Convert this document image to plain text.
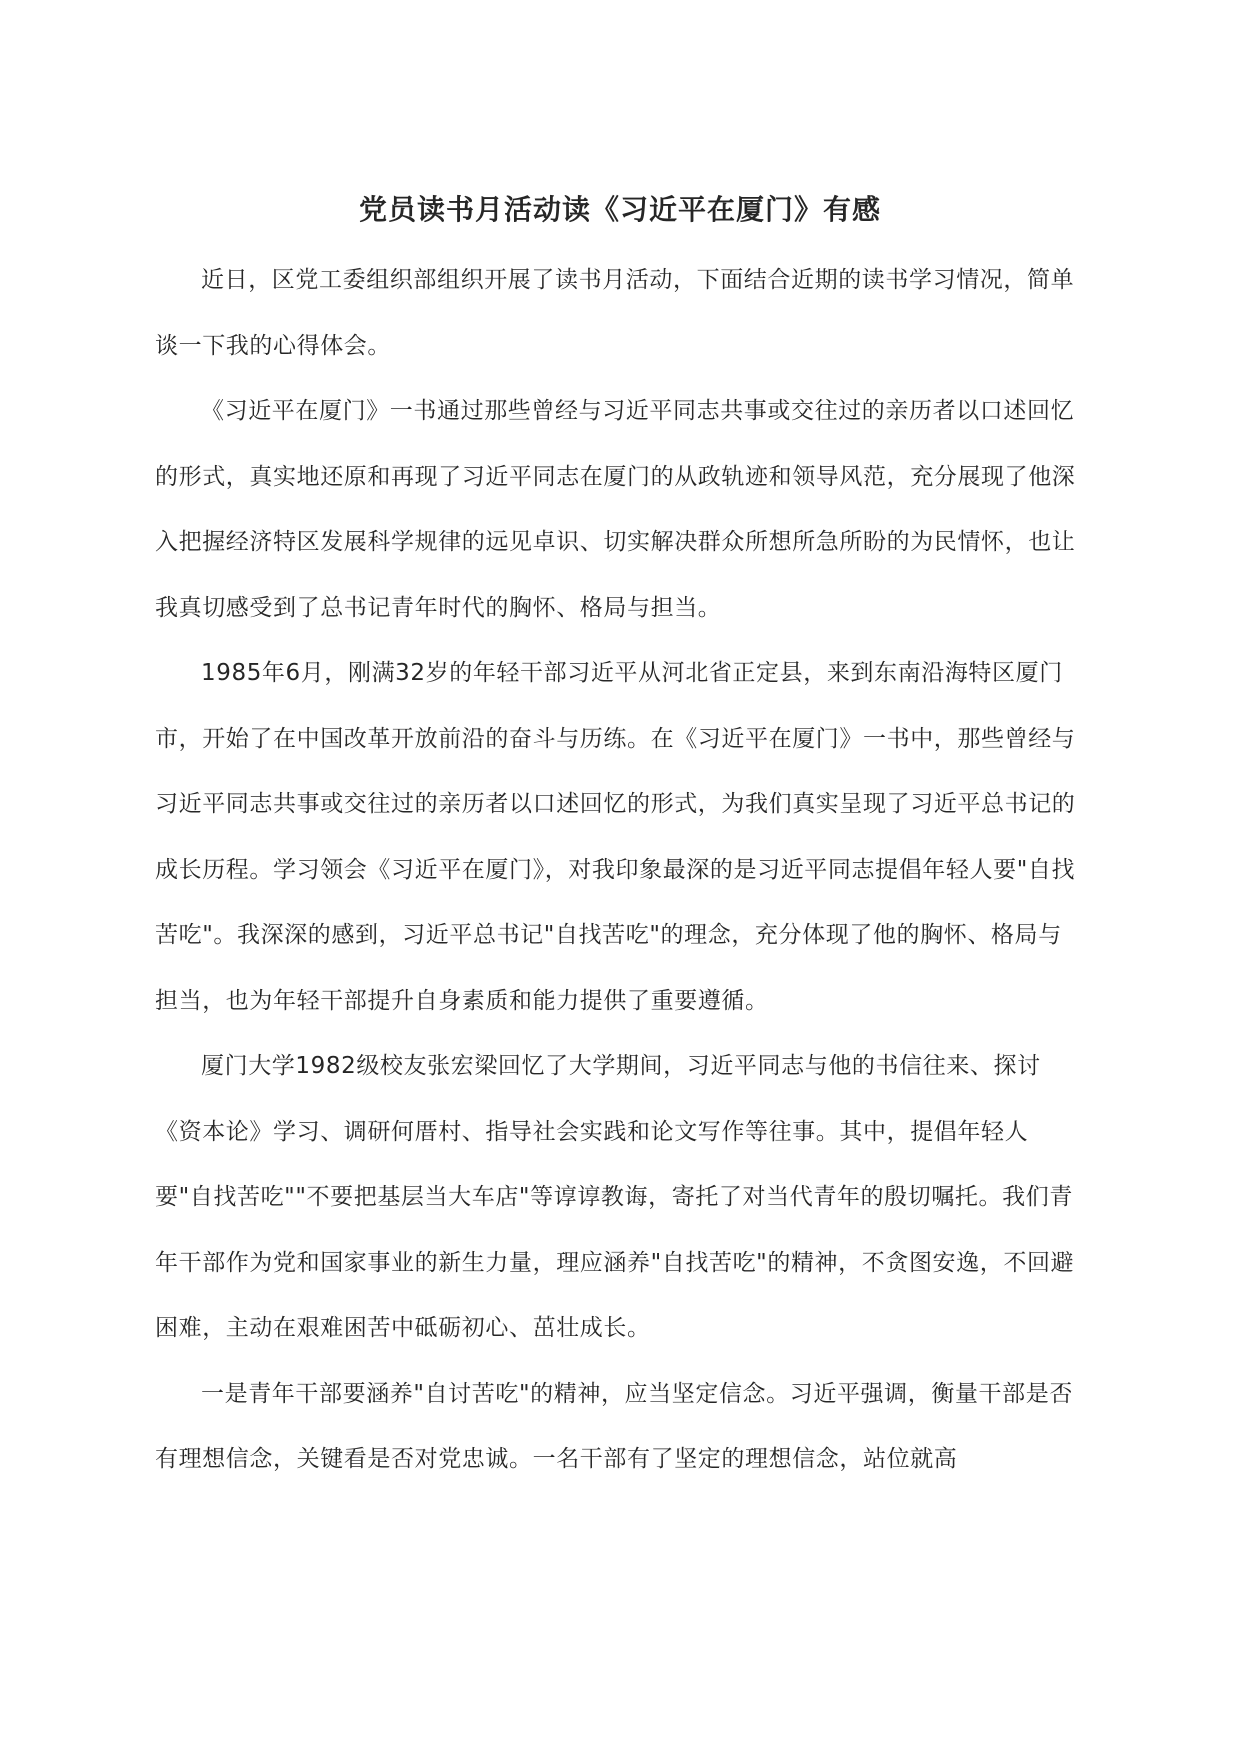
党员读书月活动读《习近平在厦门》有感

近日，区党工委组织部组织开展了读书月活动，下面结合近期的读书学习情况，简单谈一下我的心得体会。

《习近平在厦门》一书通过那些曾经与习近平同志共事或交往过的亲历者以口述回忆的形式，真实地还原和再现了习近平同志在厦门的从政轨迹和领导风范，充分展现了他深入把握经济特区发展科学规律的远见卓识、切实解决群众所想所急所盼的为民情怀，也让我真切感受到了总书记青年时代的胸怀、格局与担当。

1985年6月，刚满32岁的年轻干部习近平从河北省正定县，来到东南沿海特区厦门市，开始了在中国改革开放前沿的奋斗与历练。在《习近平在厦门》一书中，那些曾经与习近平同志共事或交往过的亲历者以口述回忆的形式，为我们真实呈现了习近平总书记的成长历程。学习领会《习近平在厦门》，对我印象最深的是习近平同志提倡年轻人要"自找苦吃"。我深深的感到，习近平总书记"自找苦吃"的理念，充分体现了他的胸怀、格局与担当，也为年轻干部提升自身素质和能力提供了重要遵循。

厦门大学1982级校友张宏梁回忆了大学期间，习近平同志与他的书信往来、探讨《资本论》学习、调研何厝村、指导社会实践和论文写作等往事。其中，提倡年轻人要"自找苦吃""不要把基层当大车店"等谆谆教诲，寄托了对当代青年的殷切嘱托。我们青年干部作为党和国家事业的新生力量，理应涵养"自找苦吃"的精神，不贪图安逸，不回避困难，主动在艰难困苦中砥砺初心、茁壮成长。

一是青年干部要涵养"自讨苦吃"的精神，应当坚定信念。习近平强调，衡量干部是否有理想信念，关键看是否对党忠诚。一名干部有了坚定的理想信念，站位就高
